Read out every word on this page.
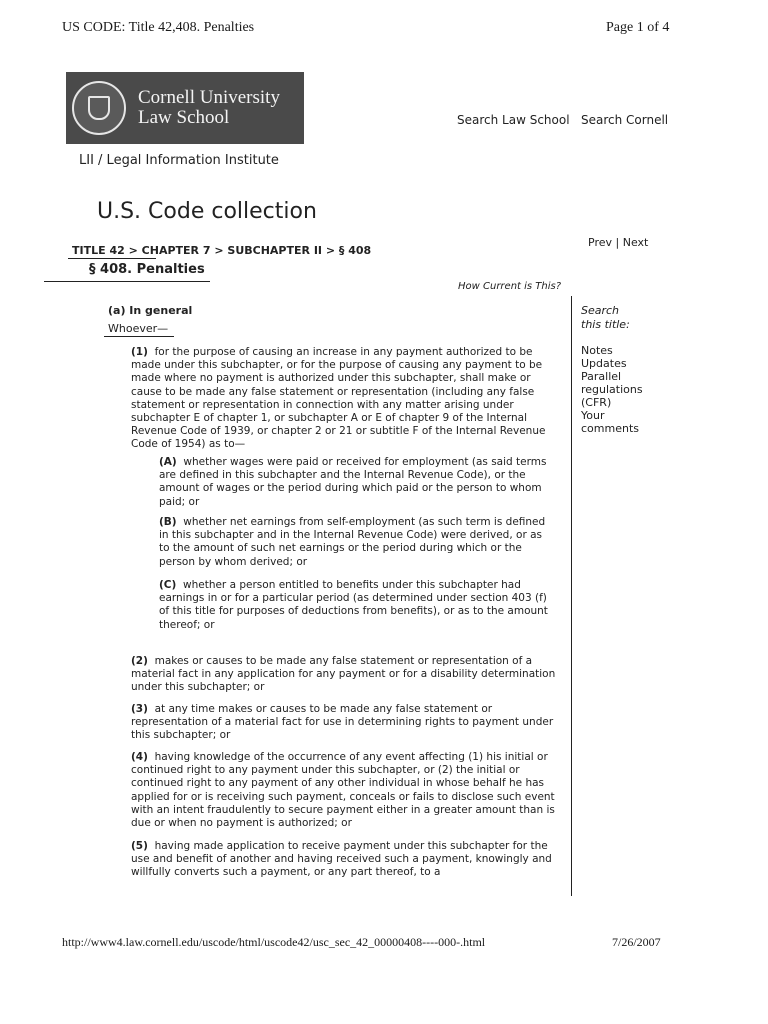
US CODE: Title 42,408. Penalties	Page 1 of 4
Cornell University
Law School	Search Law School Search Cornell
LII / Legal Information Institute
U.S. Code collection
Prev | Next
TITLE 42 > CHAPTER 7 > SUBCHAPTER II > § 408
§ 408. Penalties
How Current is This?
Search
this title:
Notes
Updates
Parallel
regulations
(CFR)
Your
comments
(a) In general
Whoever—

(1) for the purpose of causing an increase in any payment authorized to be made under this subchapter, or for the purpose of causing any payment to be made where no payment is authorized under this subchapter, shall make or cause to be made any false statement or representation (including any false statement or representation in connection with any matter arising under subchapter E of chapter 1, or subchapter A or E of chapter 9 of the Internal Revenue Code of 1939, or chapter 2 or 21 or subtitle F of the Internal Revenue Code of 1954) as to—

(A) whether wages were paid or received for employment (as said terms are defined in this subchapter and the Internal Revenue Code), or the amount of wages or the period during which paid or the person to whom paid; or

(B) whether net earnings from self-employment (as such term is defined in this subchapter and in the Internal Revenue Code) were derived, or as to the amount of such net earnings or the period during which or the person by whom derived; or

(C) whether a person entitled to benefits under this subchapter had earnings in or for a particular period (as determined under section 403 (f) of this title for purposes of deductions from benefits), or as to the amount thereof; or

(2) makes or causes to be made any false statement or representation of a material fact in any application for any payment or for a disability determination under this subchapter; or

(3) at any time makes or causes to be made any false statement or representation of a material fact for use in determining rights to payment under this subchapter; or

(4) having knowledge of the occurrence of any event affecting (1) his initial or continued right to any payment under this subchapter, or (2) the initial or continued right to any payment of any other individual in whose behalf he has applied for or is receiving such payment, conceals or fails to disclose such event with an intent fraudulently to secure payment either in a greater amount than is due or when no payment is authorized; or

(5) having made application to receive payment under this subchapter for the use and benefit of another and having received such a payment, knowingly and willfully converts such a payment, or any part thereof, to a

http://www4.law.cornell.edu/uscode/html/uscode42/usc_sec_42_00000408----000-.html	7/26/2007
